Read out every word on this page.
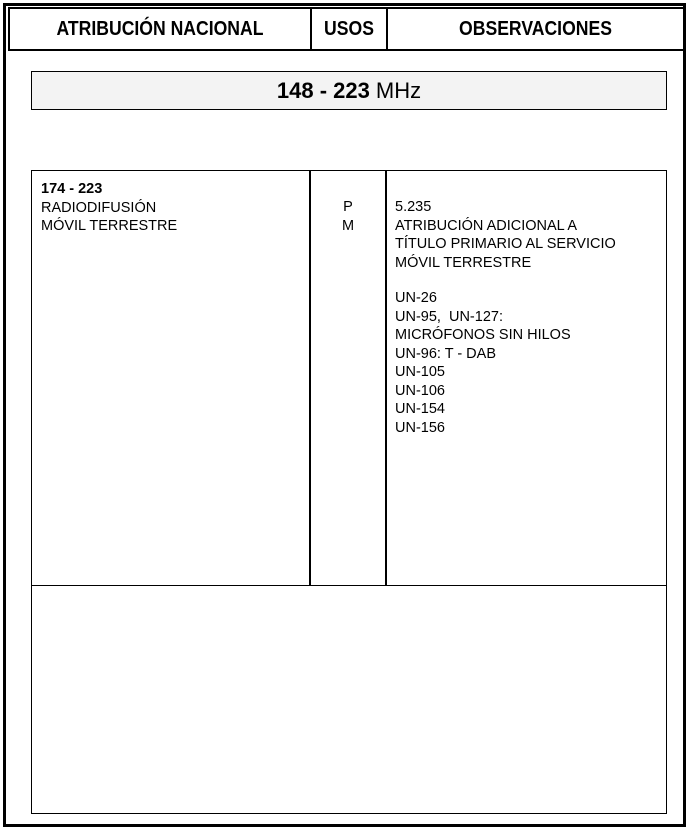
ATRIBUCIÓN NACIONAL	USOS	OBSERVACIONES
148 - 223 MHz
174 - 223
RADIODIFUSIÓN
MÓVIL TERRESTRE
P
M
5.235
ATRIBUCIÓN ADICIONAL A
TÍTULO PRIMARIO AL SERVICIO
MÓVIL TERRESTRE
UN-26
UN-95,  UN-127:
MICRÓFONOS SIN HILOS
UN-96: T - DAB
UN-105
UN-106
UN-154
UN-156
